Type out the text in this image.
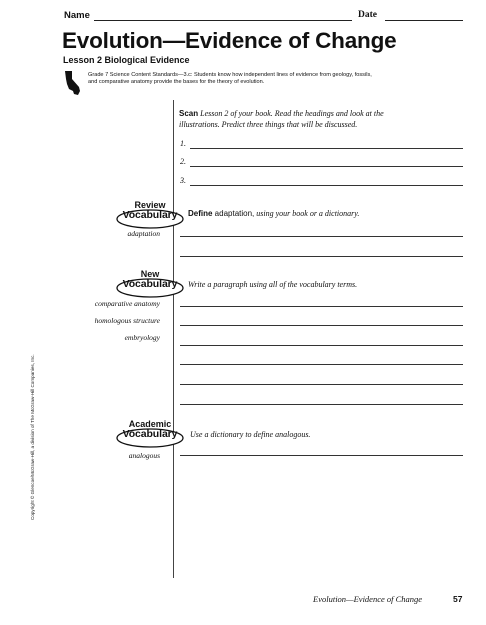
Name	Date
Evolution—Evidence of Change
Lesson 2 Biological Evidence
Grade 7 Science Content Standards—3.c: Students know how independent lines of evidence from geology, fossils,
and comparative anatomy provide the bases for the theory of evolution.
Scan Lesson 2 of your book. Read the headings and look at the
illustrations. Predict three things that will be discussed.
1.
2.
3.
Review
Vocabulary	Define adaptation, using your book or a dictionary.
adaptation
New
Vocabulary	Write a paragraph using all of the vocabulary terms.
comparative anatomy
homologous structure
embryology
Academic
Vocabulary	Use a dictionary to define analogous.
analogous
Copyright © Glencoe/McGraw-Hill, a division of The McGraw-Hill Companies, Inc.
Evolution—Evidence of Change	57
